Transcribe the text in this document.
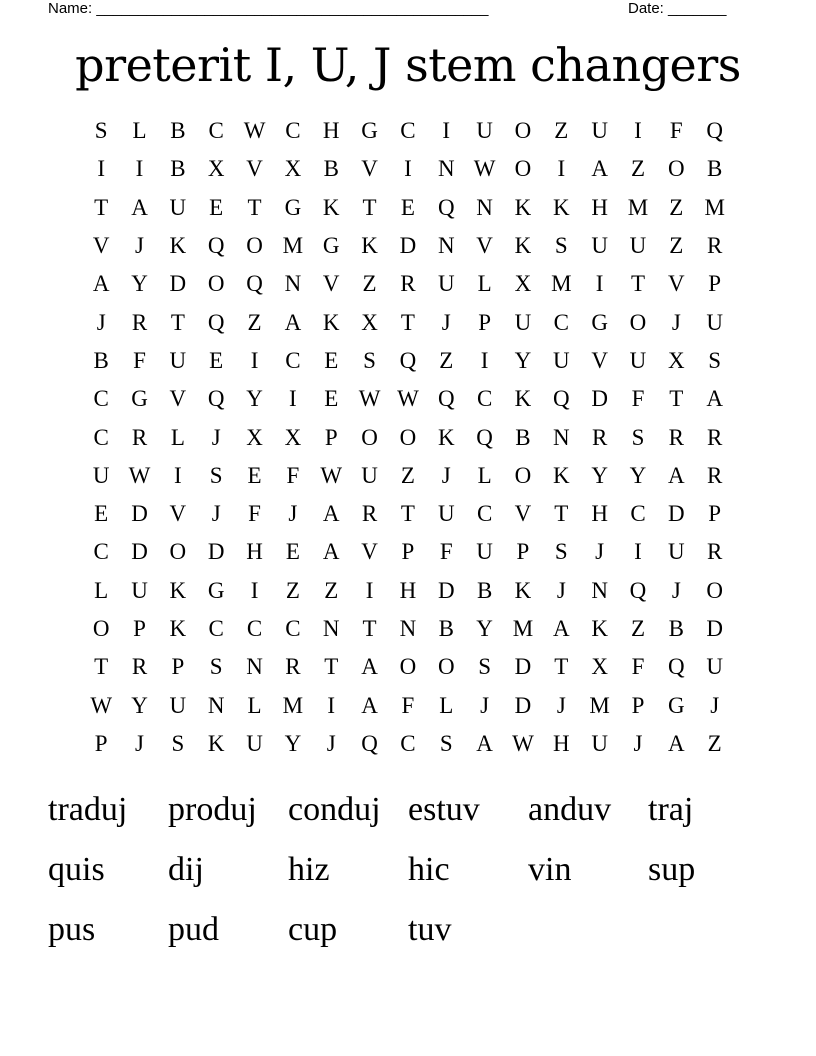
Name: _______________________________________________	Date: _______
preterit I, U, J stem changers
S	L	B	C W C H G C	I	U O	Z	U	I	F	Q
I	I	B X V X B V	I	N W O	I	A	Z	O B
T	A U	E	T	G K	T	E	Q N K K H M Z M
V	J	K Q O M G K D N V K	S	U U	Z	R
A Y D O Q N V	Z	R U	L	X M	I	T	V	P
J	R	T	Q	Z	A K X	T	J	P	U C G O	J	U
B	F	U	E	I	C	E	S	Q	Z	I	Y U V U X	S
C G V Q Y	I	E W W Q C K Q D	F	T	A
C	R	L	J	X X	P	O O K Q B N R	S	R	R
U W	I	S	E	F W U	Z	J	L	O K Y Y A R
E	D V	J	F	J	A R	T	U C V	T	H C D	P
C D O D H	E	A V	P	F	U	P	S	J	I	U R
L	U K G	I	Z	Z	I	H D B K	J	N Q	J	O
O	P	K C	C	C N	T	N B Y M A K	Z	B D
T	R	P	S	N R	T	A O O	S	D	T	X	F	Q U
W Y U N	L M	I	A	F	L	J	D	J	M P	G	J
P	J	S	K U Y	J	Q C	S	A W H U	J	A	Z
traduj	produj conduj estuv	anduv	traj
quis	dij	hiz	hic	vin	sup
pus	pud	cup	tuv
